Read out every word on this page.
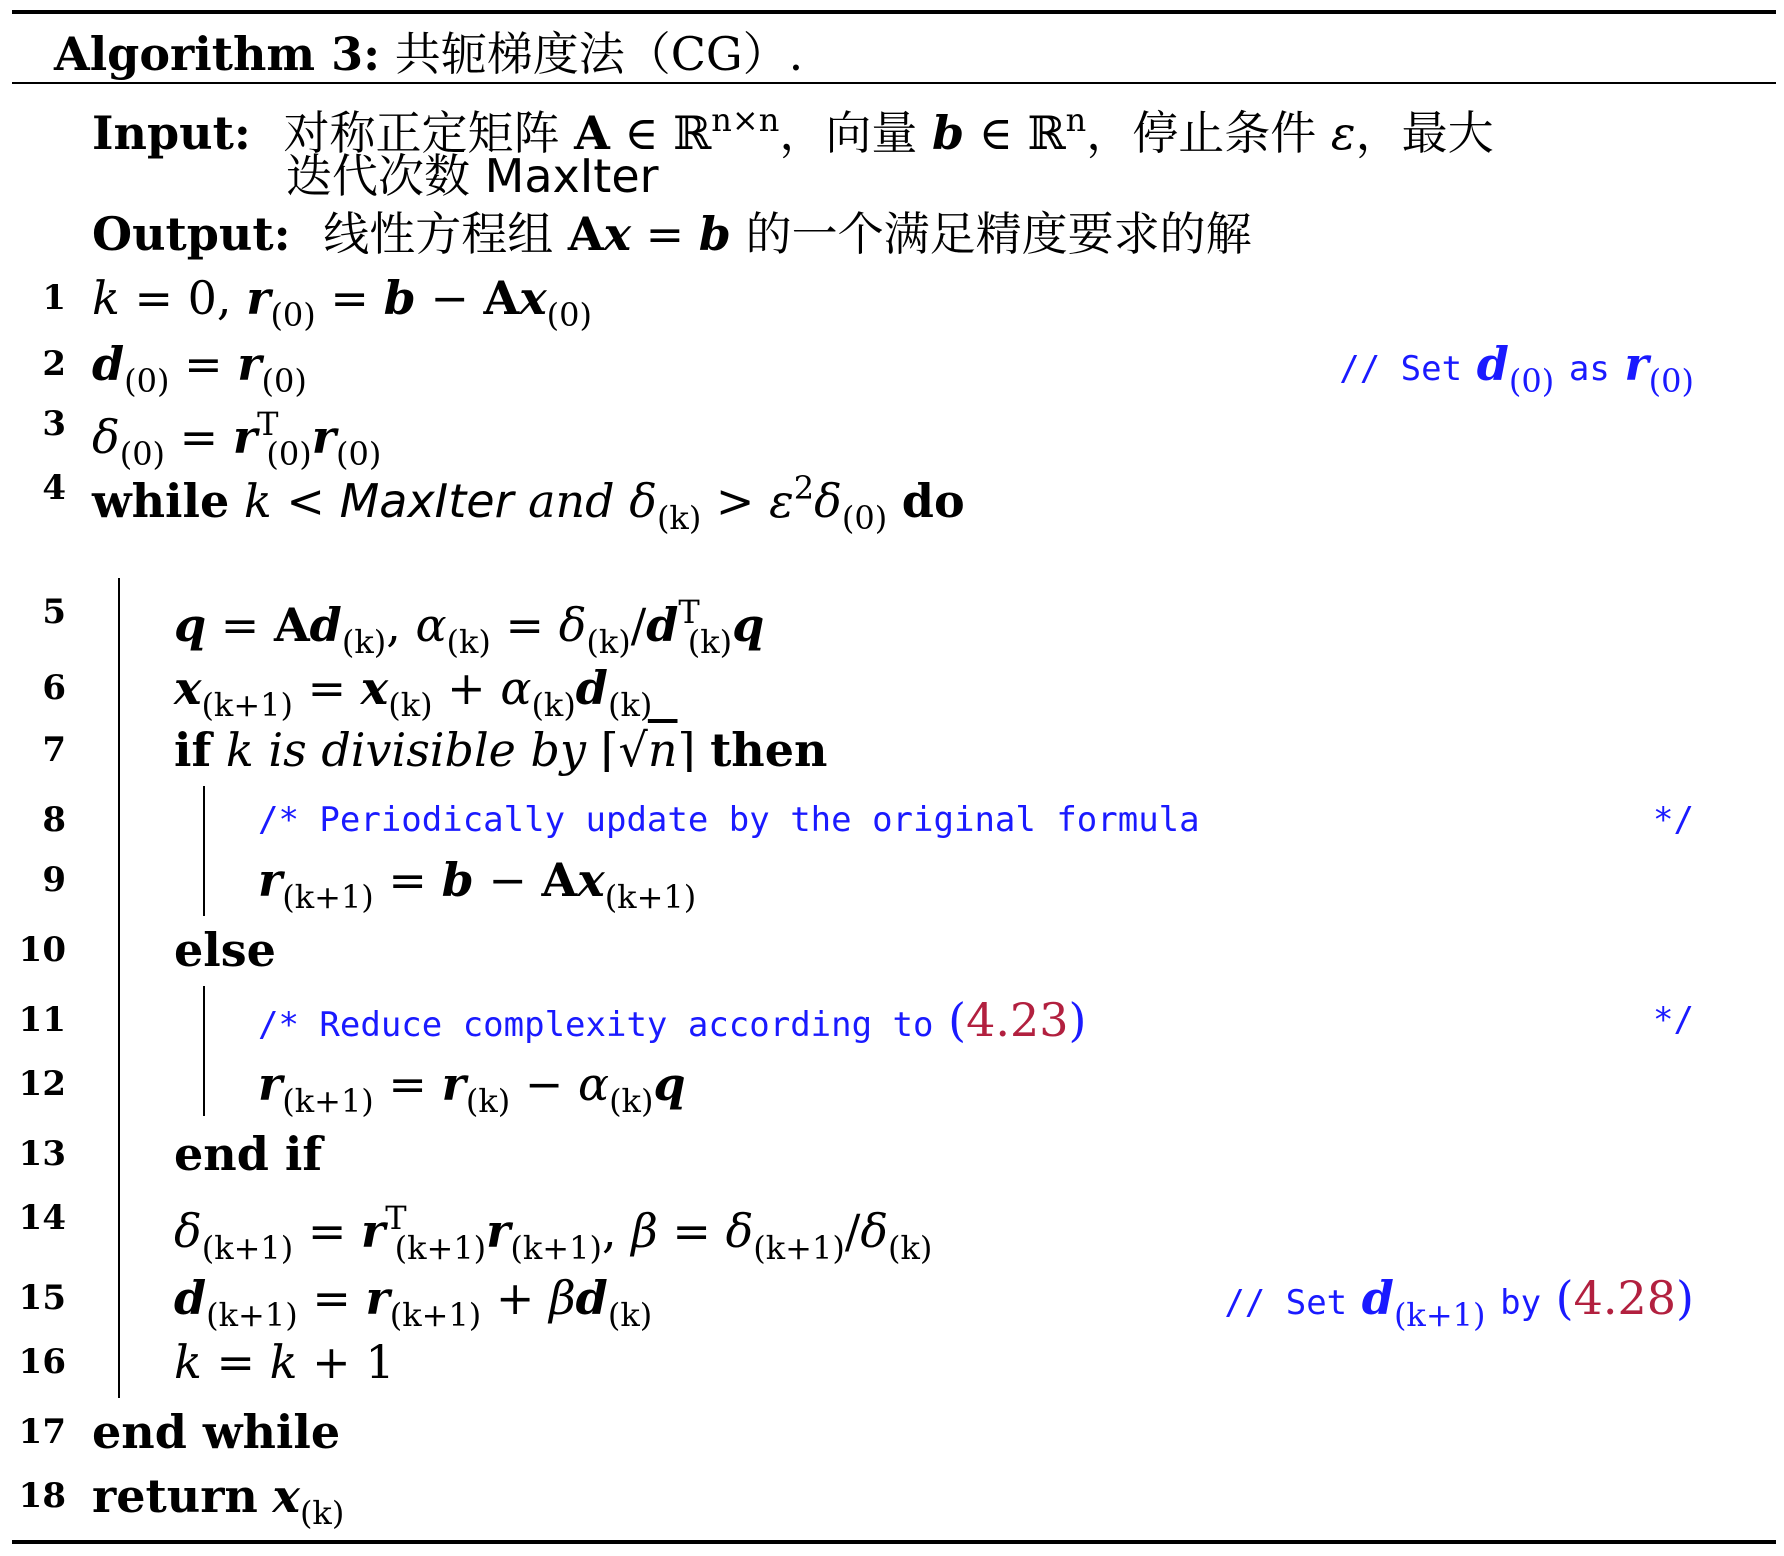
Algorithm 3: 共轭梯度法（CG）.
Input: 对称正定矩阵 A ∈ ℝ$^{n\times n}$，向量 b ∈ ℝ$^n$，停止条件 ε，最大
迭代次数 MaxIter
Output: 线性方程组 Ax = b 的一个满足精度要求的解
1 k = 0, $r_{(0)} = b - Ax_{(0)}$
2 $d_{(0)} = r_{(0)}$	// Set $d_{(0)}$ as $r_{(0)}$
3 $\delta_{(0)} = r^T_{(0)}r_{(0)}$
4 while k < MaxIter and $\delta_{(k)} > \varepsilon^2\delta_{(0)}$ do
5 $q = Ad_{(k)}$, $\alpha_{(k)} = \delta_{(k)}/d^T_{(k)}q$
6 $x_{(k+1)} = x_{(k)} + \alpha_{(k)}d_{(k)}$
7 if k is divisible by ⌈√n⌉ then
8	/* Periodically update by the original formula	*/
9	$r_{(k+1)} = b - Ax_{(k+1)}$
10 else
11	/* Reduce complexity according to (4.23)	*/
12	$r_{(k+1)} = r_{(k)} - \alpha_{(k)}q$
13 end if
14 $\delta_{(k+1)} = r^T_{(k+1)}r_{(k+1)}$, $\beta = \delta_{(k+1)}/\delta_{(k)}$
15 $d_{(k+1)} = r_{(k+1)} + \beta d_{(k)}$	// Set $d_{(k+1)}$ by (4.28)
16 k = k + 1
17 end while
18 return $x_{(k)}$
